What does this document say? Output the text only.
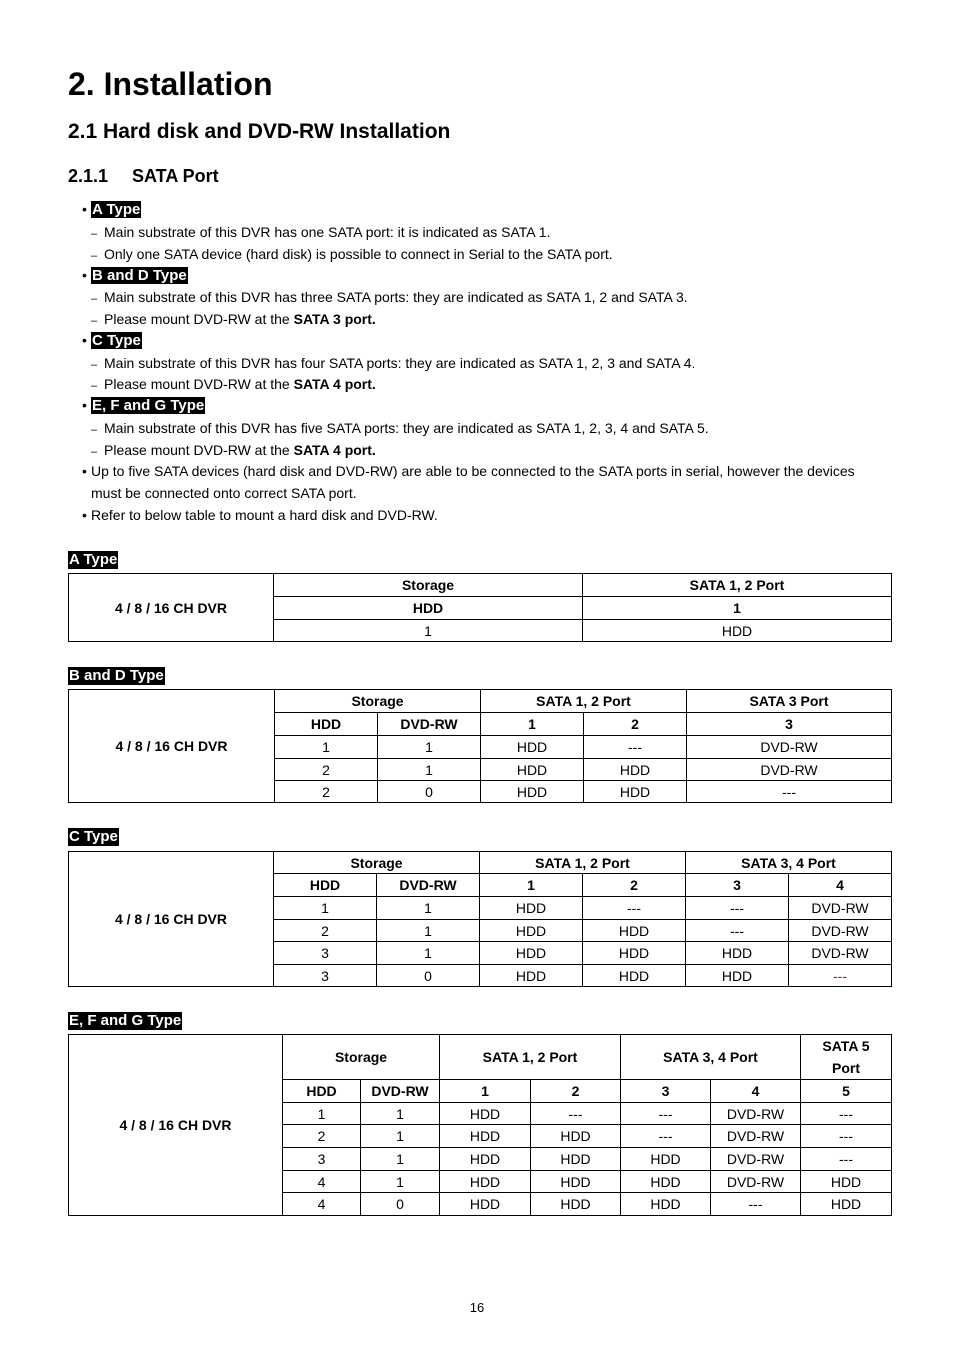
2. Installation
2.1 Hard disk and DVD-RW Installation
2.1.1 SATA Port
• A Type
– Main substrate of this DVR has one SATA port: it is indicated as SATA 1.
– Only one SATA device (hard disk) is possible to connect in Serial to the SATA port.
• B and D Type
– Main substrate of this DVR has three SATA ports: they are indicated as SATA 1, 2 and SATA 3.
– Please mount DVD-RW at the SATA 3 port.
• C Type
– Main substrate of this DVR has four SATA ports: they are indicated as SATA 1, 2, 3 and SATA 4.
– Please mount DVD-RW at the SATA 4 port.
• E, F and G Type
– Main substrate of this DVR has five SATA ports: they are indicated as SATA 1, 2, 3, 4 and SATA 5.
– Please mount DVD-RW at the SATA 4 port.
• Up to five SATA devices (hard disk and DVD-RW) are able to be connected to the SATA ports in serial, however the devices
must be connected onto correct SATA port.
• Refer to below table to mount a hard disk and DVD-RW.
A Type
4 / 8 / 16 CH DVR	Storage	SATA 1, 2 Port
	HDD	1
	1	HDD
B and D Type
4 / 8 / 16 CH DVR	Storage		SATA 1, 2 Port		SATA 3 Port
	HDD	DVD-RW	1	2	3
	1	1	HDD	---	DVD-RW
	2	1	HDD	HDD	DVD-RW
	2	0	HDD	HDD	---
C Type
4 / 8 / 16 CH DVR	Storage		SATA 1, 2 Port		SATA 3, 4 Port	
	HDD	DVD-RW	1	2	3	4
	1	1	HDD	---	---	DVD-RW
	2	1	HDD	HDD	---	DVD-RW
	3	1	HDD	HDD	HDD	DVD-RW
	3	0	HDD	HDD	HDD	---
E, F and G Type
4 / 8 / 16 CH DVR	Storage		SATA 1, 2 Port		SATA 3, 4 Port		SATA 5
Port
	HDD	DVD-RW	1	2	3	4	5
	1	1	HDD	---	---	DVD-RW	---
	2	1	HDD	HDD	---	DVD-RW	---
	3	1	HDD	HDD	HDD	DVD-RW	---
	4	1	HDD	HDD	HDD	DVD-RW	HDD
	4	0	HDD	HDD	HDD	---	HDD
16
